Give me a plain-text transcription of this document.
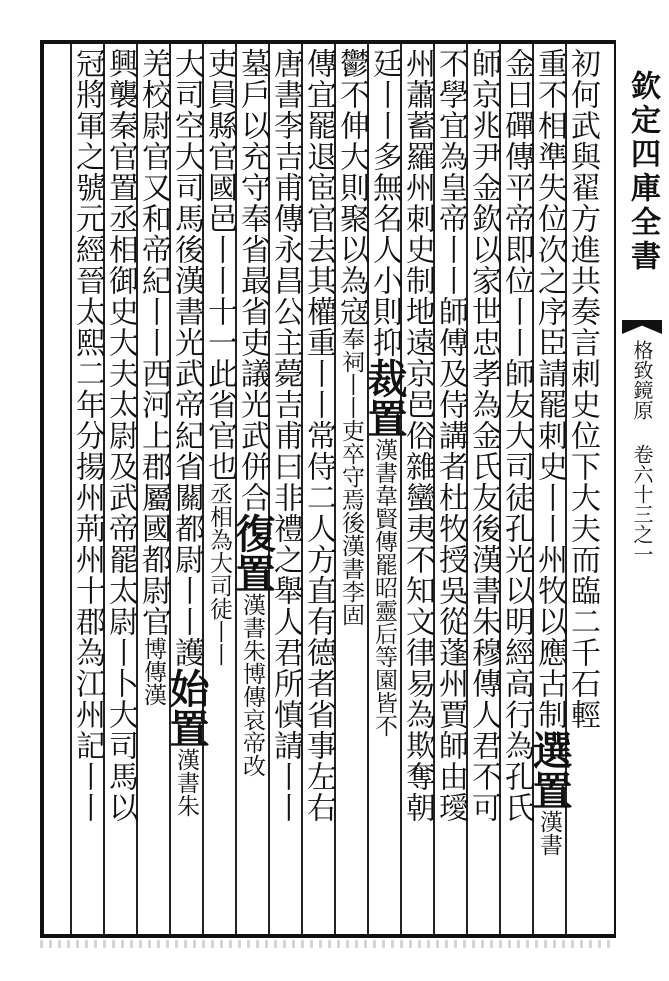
欽定四庫全書
格致鏡原 卷六十三之一
初何武與翟方進共奏言刺史位下大夫而臨二千石輕
重不相準失位次之序臣請罷刺史丨丨州牧以應古制選置漢書
金日磾傳平帝即位丨丨師友大司徒孔光以明經高行為孔氏
師京兆尹金欽以家世忠孝為金氏友後漢書朱穆傳人君不可
不學宜為皇帝丨丨師傅及侍講者杜牧授吳從蓬州賈師由璦
州蕭蓄羅州刺史制地遠京邑俗雜蠻夷不知文律易為欺奪朝
廷丨丨多無名人小則抑裁置漢書韋賢傳罷昭靈后等園皆不
鬱不伸大則聚以為寇奉祠丨丨吏卒守焉後漢書李固
傳宜罷退宦官去其權重丨丨常侍二人方直有德者省事左右
唐書李吉甫傳永昌公主薨吉甫曰非禮之舉人君所慎請丨丨
墓戶以充守奉省最省吏議光武併合復置漢書朱博傳哀帝改
吏員縣官國邑丨丨十一此省官也丞相為大司徒丨丨
大司空大司馬後漢書光武帝紀省關都尉丨丨護始置漢書朱
羌校尉官又和帝紀丨丨西河上郡屬國都尉官博傳漢
興襲秦官置丞相御史大夫太尉及武帝罷太尉丨卜大司馬以
冠將軍之號元經晉太熙二年分揚州荊州十郡為江州記丨丨
